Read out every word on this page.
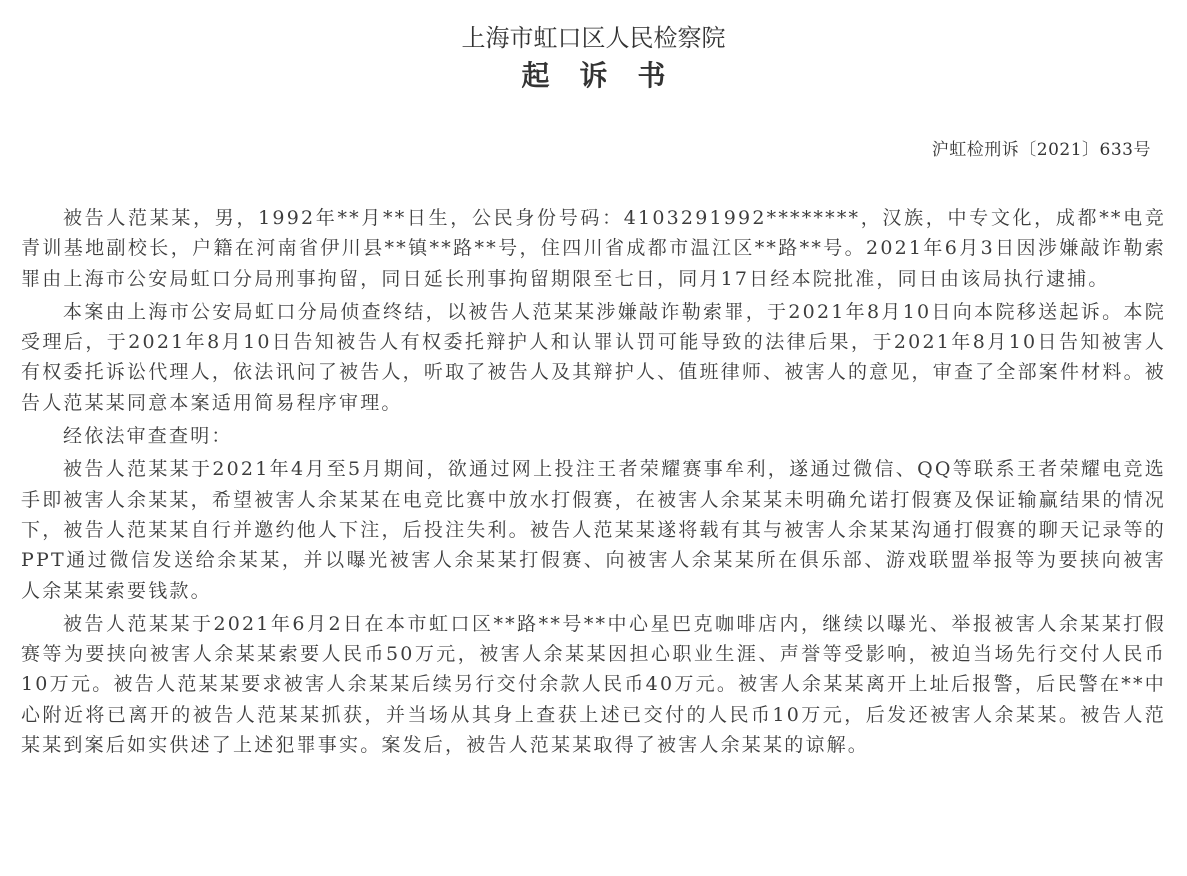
上海市虹口区人民检察院
起诉书
沪虹检刑诉〔2021〕633号

被告人范某某，男，1992年**月**日生，公民身份号码：4103291992********，汉族，中专文化，成都**电竞青训基地副校长，户籍在河南省伊川县**镇**路**号，住四川省成都市温江区**路**号。2021年6月3日因涉嫌敲诈勒索罪由上海市公安局虹口分局刑事拘留，同日延长刑事拘留期限至七日，同月17日经本院批准，同日由该局执行逮捕。

本案由上海市公安局虹口分局侦查终结，以被告人范某某涉嫌敲诈勒索罪，于2021年8月10日向本院移送起诉。本院受理后，于2021年8月10日告知被告人有权委托辩护人和认罪认罚可能导致的法律后果，于2021年8月10日告知被害人有权委托诉讼代理人，依法讯问了被告人，听取了被告人及其辩护人、值班律师、被害人的意见，审查了全部案件材料。被告人范某某同意本案适用简易程序审理。

经依法审查查明：

被告人范某某于2021年4月至5月期间，欲通过网上投注王者荣耀赛事牟利，遂通过微信、QQ等联系王者荣耀电竞选手即被害人余某某，希望被害人余某某在电竞比赛中放水打假赛，在被害人余某某未明确允诺打假赛及保证输赢结果的情况下，被告人范某某自行并邀约他人下注，后投注失利。被告人范某某遂将载有其与被害人余某某沟通打假赛的聊天记录等的PPT通过微信发送给余某某，并以曝光被害人余某某打假赛、向被害人余某某所在俱乐部、游戏联盟举报等为要挟向被害人余某某索要钱款。

被告人范某某于2021年6月2日在本市虹口区**路**号**中心星巴克咖啡店内，继续以曝光、举报被害人余某某打假赛等为要挟向被害人余某某索要人民币50万元，被害人余某某因担心职业生涯、声誉等受影响，被迫当场先行交付人民币10万元。被告人范某某要求被害人余某某后续另行交付余款人民币40万元。被害人余某某离开上址后报警，后民警在**中心附近将已离开的被告人范某某抓获，并当场从其身上查获上述已交付的人民币10万元，后发还被害人余某某。被告人范某某到案后如实供述了上述犯罪事实。案发后，被告人范某某取得了被害人余某某的谅解。
